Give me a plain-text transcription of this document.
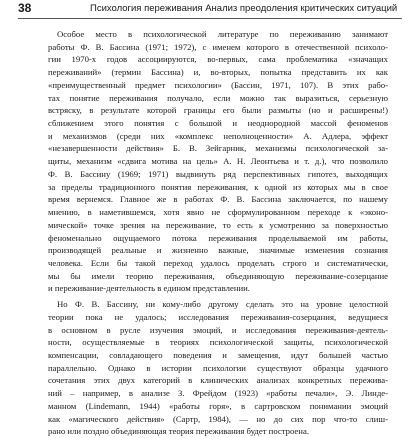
38	Психология переживания Анализ преодоления критических ситуаций
Особое место в психологической литературе по переживанию занимают
работы Ф. В. Бассина (1971; 1972), с именем которого в отечественной психоло-
гии 1970-х годов ассоциируются, во-первых, сама проблематика «значащих
переживаний» (термин Бассина) и, во-вторых, попытка представить их как
«преимущественный предмет психологии» (Бассин, 1971, 107). В этих рабо-
тах понятие переживания получало, если можно так выразиться, серьезную
встряску, в результате которой границы его были размыты (но и расширены!)
сближением этого понятия с большой и неоднородной массой феноменов
и механизмов (среди них «комплекс неполноценности» А. Адлера, эффект
«незавершенности действия» Б. В. Зейгарник, механизмы психологической за-
щиты, механизм «сдвига мотива на цель» А. Н. Леонтьева и т. д.), что позволило
Ф. В. Бассину (1969; 1971) выдвинуть ряд перспективных гипотез, выходящих
за пределы традиционного понятия переживания, к одной из которых мы в свое
время вернемся. Главное же в работах Ф. В. Бассина заключается, по нашему
мнению, в наметившемся, хотя явно не сформулированном переходе к «эконо-
мической» точке зрения на переживание, то есть к усмотрению за поверхностью
феноменально ощущаемого потока переживания проделываемой им работы,
производящей реальные и жизненно важные, значимые изменения сознания
человека. Если бы такой переход удалось проделать строго и систематически,
мы бы имели теорию переживания, объединяющую переживание-созерцание
и переживание-деятельность в едином представлении.
Но Ф. В. Бассину, ни кому-либо другому сделать это на уровне целостной
теории пока не удалось; исследования переживания-созерцания, ведущиеся
в основном в русле изучения эмоций, и исследования переживания-деятель-
ности, осуществляемые в теориях психологической защиты, психологической
компенсации, совладающего поведения и замещения, идут большей частью
параллельно. Однако в истории психологии существуют образцы удачного
сочетания этих двух категорий в клинических анализах конкретных пережива-
ний – например, в анализе З. Фрейдом (1923) «работы печали», Э. Линде-
манном (Lindemann, 1944) «работы горя», в сартровском понимании эмоций
как «магического действия» (Сартр, 1984), — но до сих пор что-то слиш-
рано или поздно объединяющая теория переживания будет построена.
